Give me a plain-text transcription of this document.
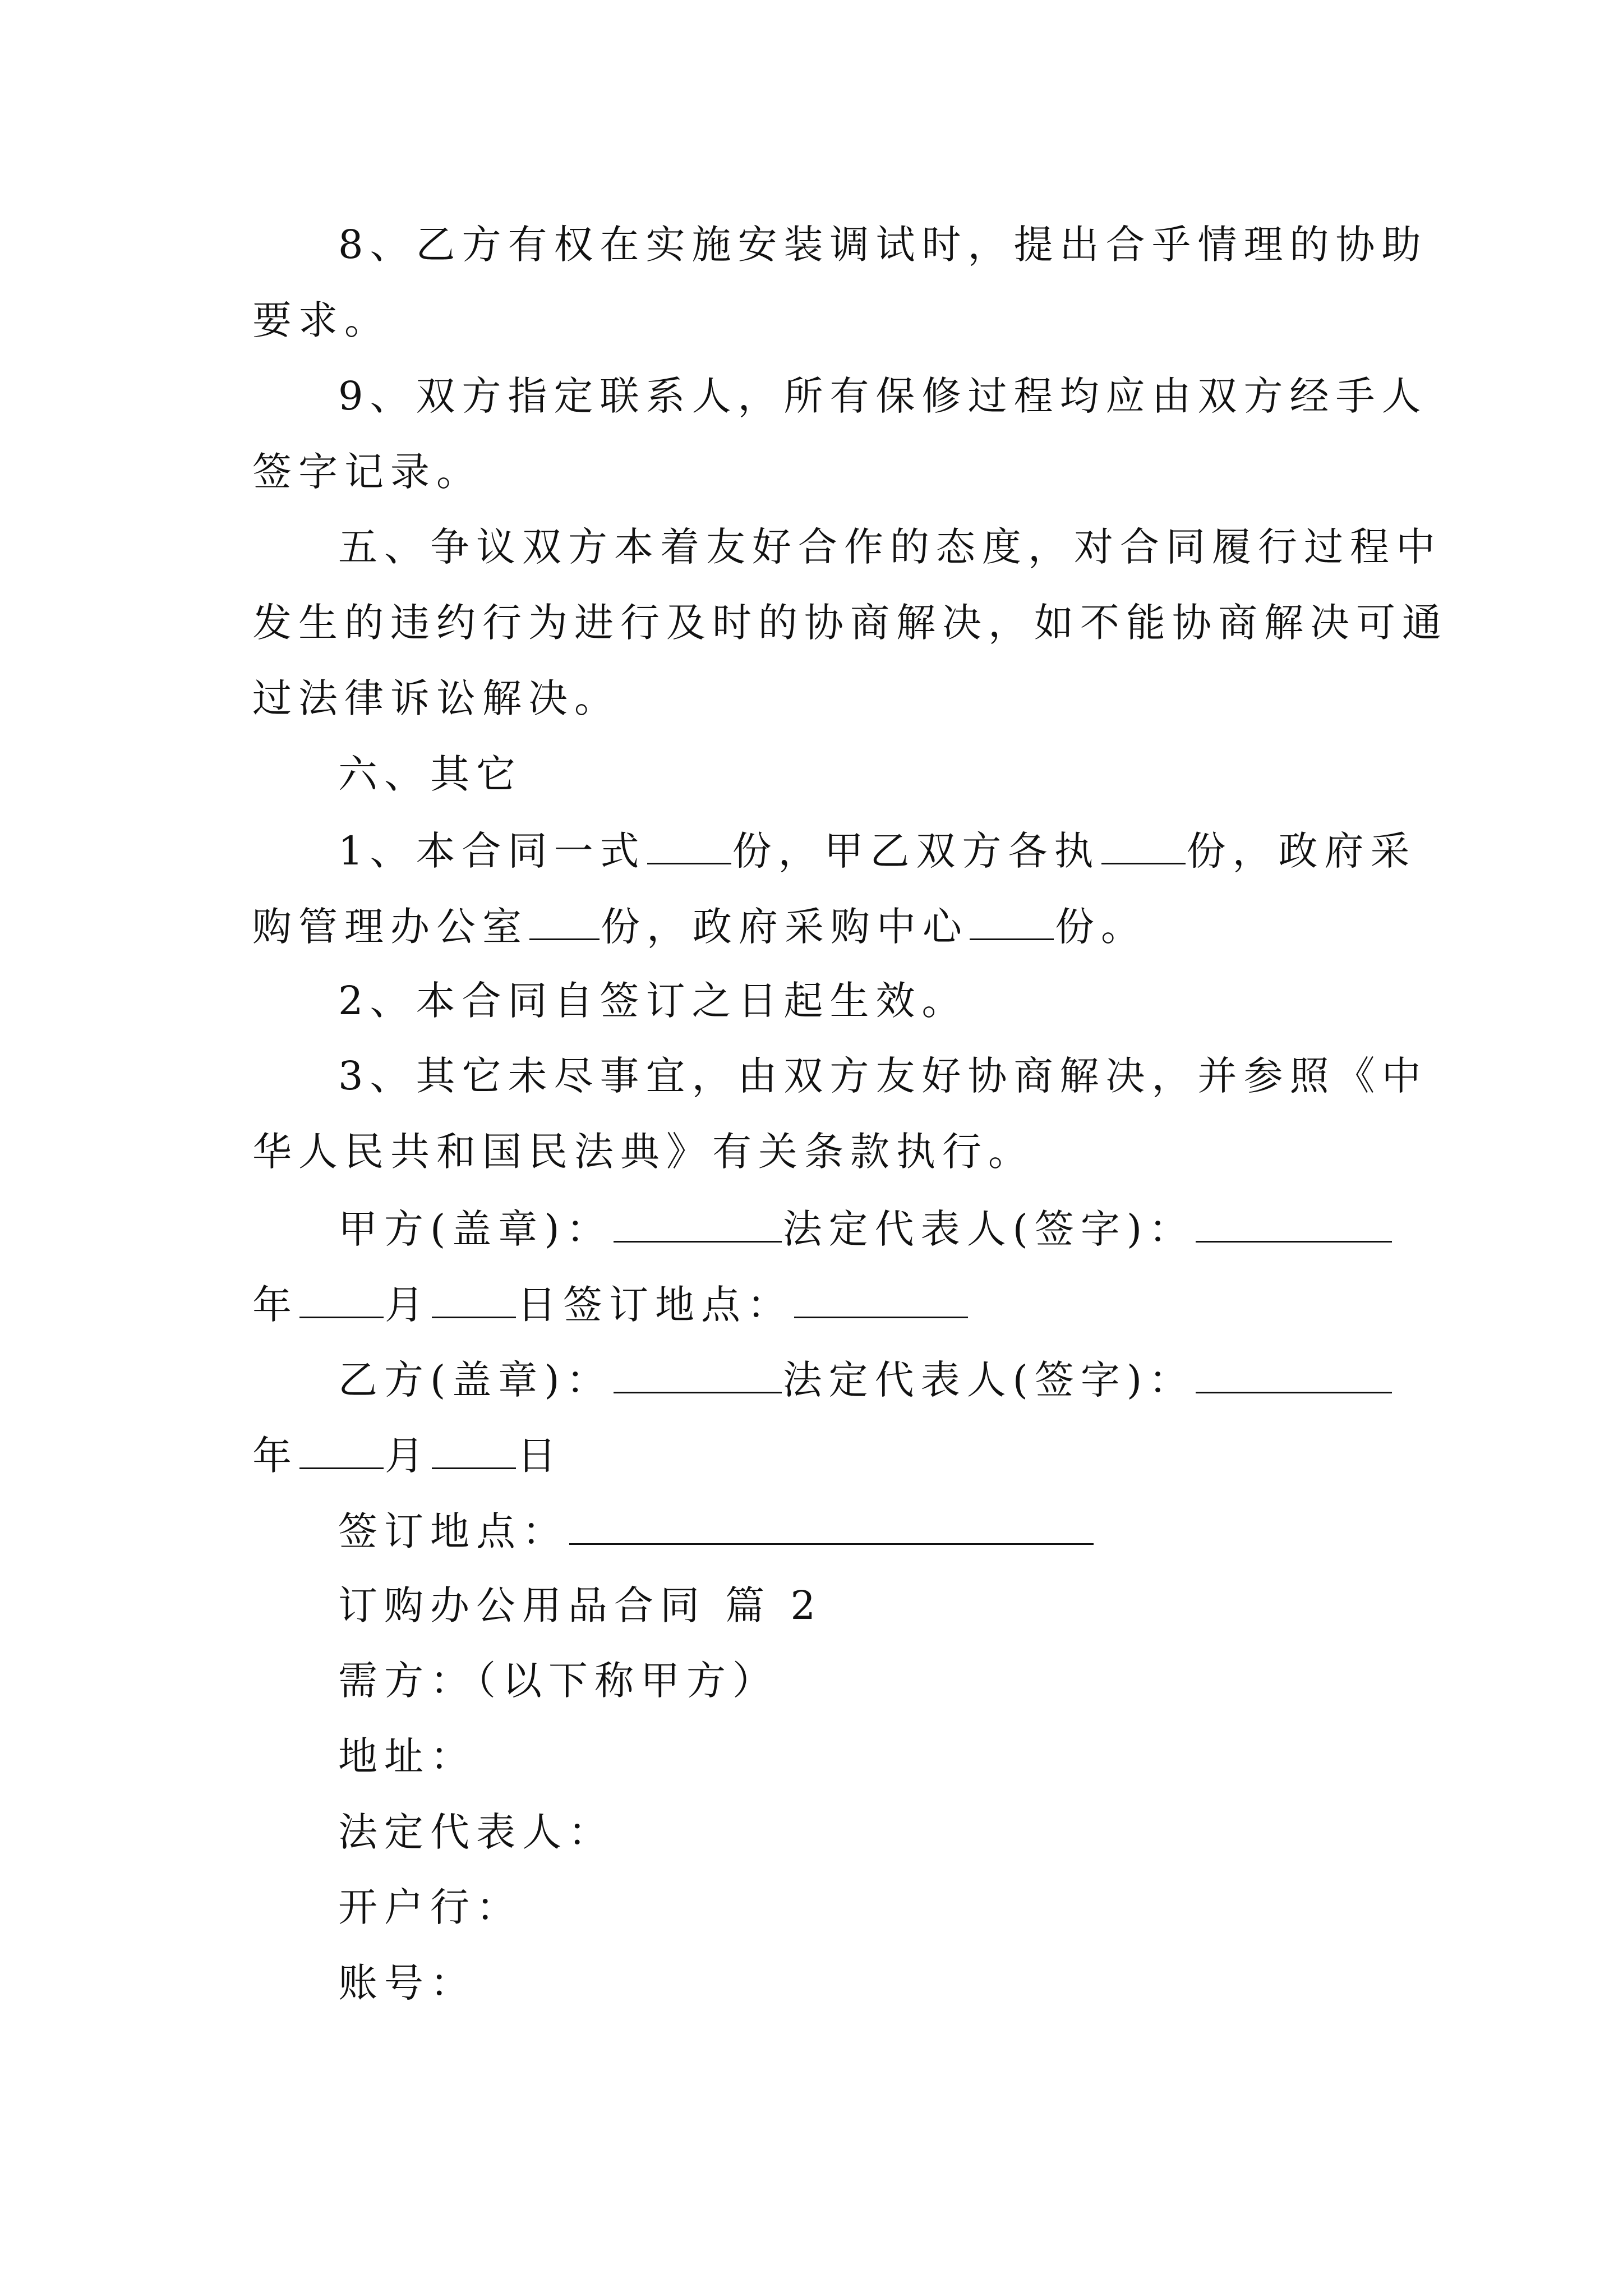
8、乙方有权在实施安装调试时，提出合乎情理的协助
要求。
9、双方指定联系人，所有保修过程均应由双方经手人
签字记录。
五、争议双方本着友好合作的态度，对合同履行过程中
发生的违约行为进行及时的协商解决，如不能协商解决可通
过法律诉讼解决。
六、其它
1、本合同一式 份，甲乙双方各执 份，政府采
购管理办公室 份，政府采购中心 份。
2、本合同自签订之日起生效。
3、其它未尽事宜，由双方友好协商解决，并参照《中
华人民共和国民法典》有关条款执行。
甲方(盖章)：	法定代表人(签字)：
年 月 日签订地点：
乙方(盖章)：	法定代表人(签字)：
年 月 日
签订地点：
订购办公用品合同 篇 2
需方：（以下称甲方）
地址：
法定代表人：
开户行：
账号：
